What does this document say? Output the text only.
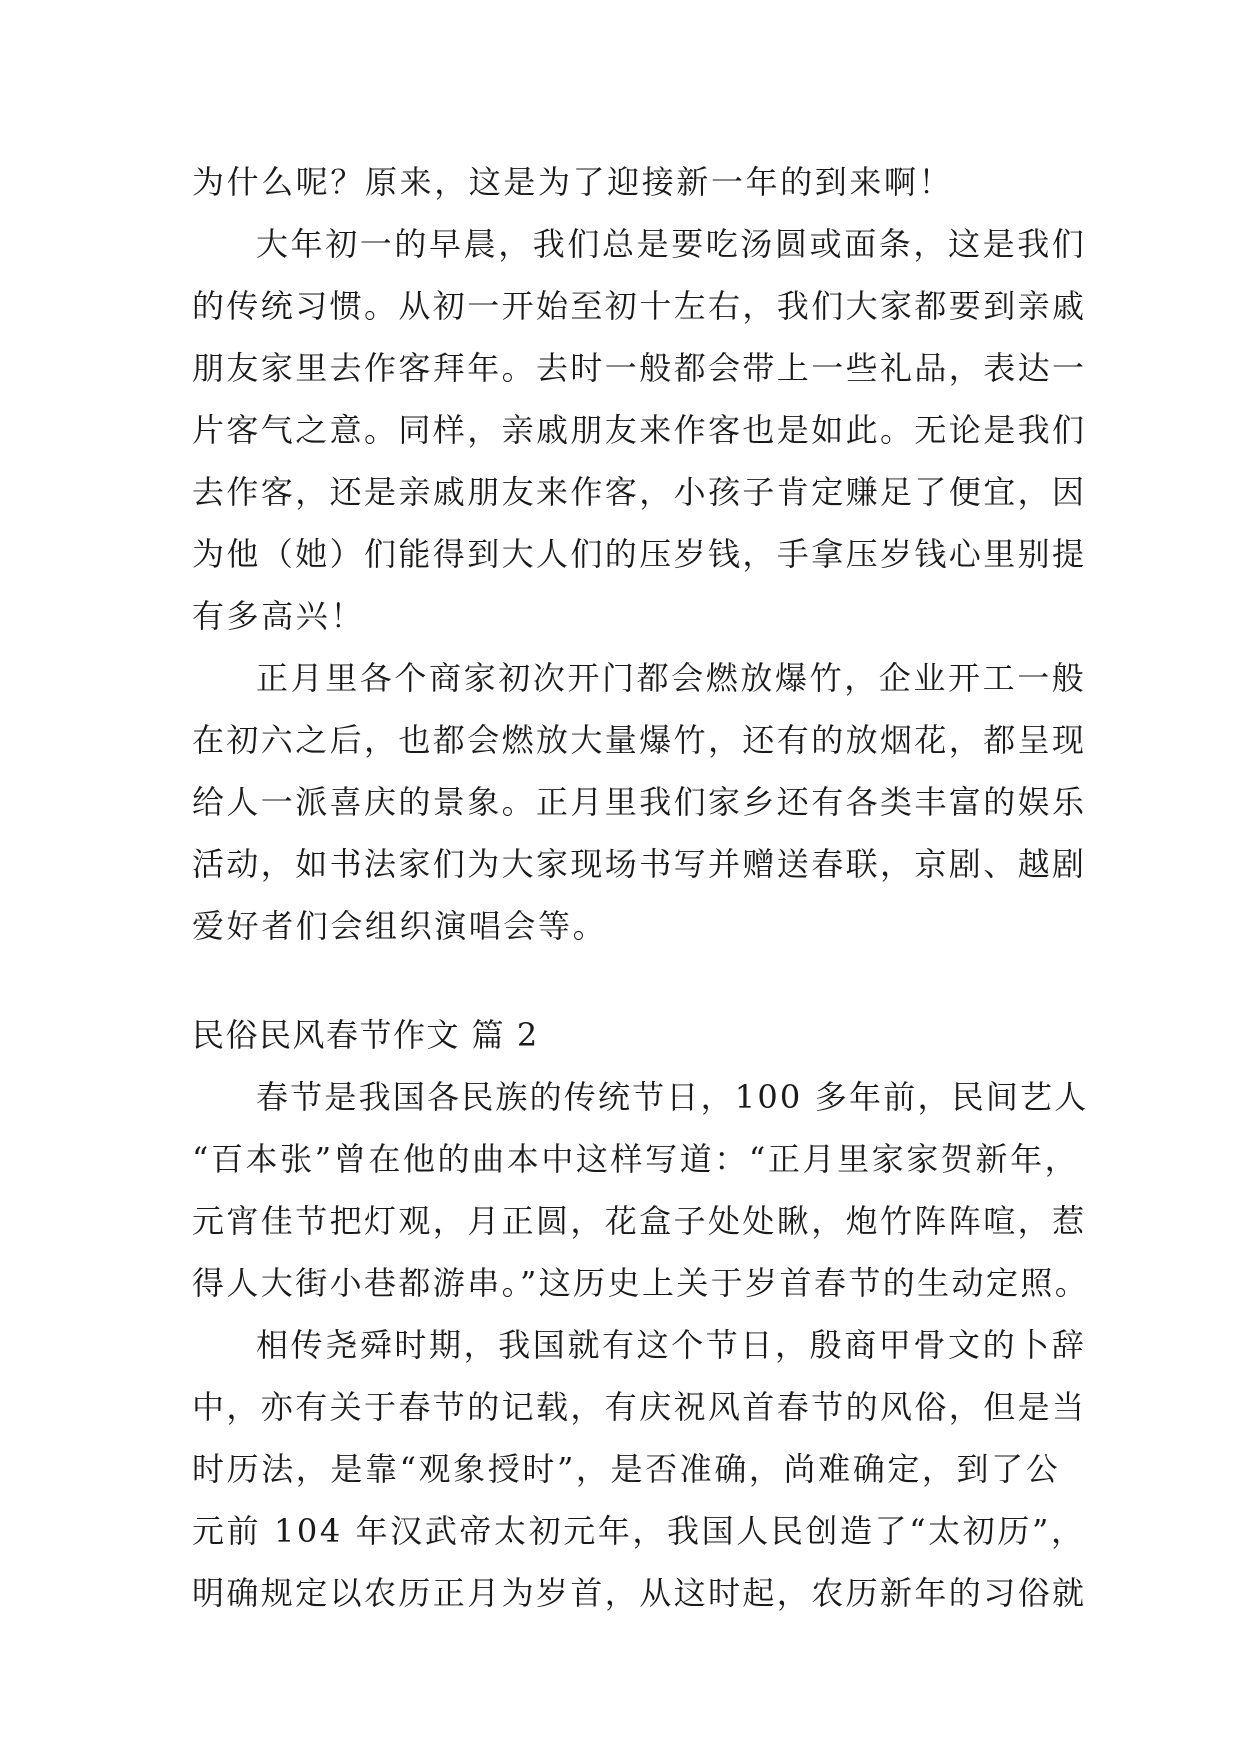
为什么呢？原来，这是为了迎接新一年的到来啊！
大年初一的早晨，我们总是要吃汤圆或面条，这是我们
的传统习惯。从初一开始至初十左右，我们大家都要到亲戚
朋友家里去作客拜年。去时一般都会带上一些礼品，表达一
片客气之意。同样，亲戚朋友来作客也是如此。无论是我们
去作客，还是亲戚朋友来作客，小孩子肯定赚足了便宜，因
为他（她）们能得到大人们的压岁钱，手拿压岁钱心里别提
有多高兴！
正月里各个商家初次开门都会燃放爆竹，企业开工一般
在初六之后，也都会燃放大量爆竹，还有的放烟花，都呈现
给人一派喜庆的景象。正月里我们家乡还有各类丰富的娱乐
活动，如书法家们为大家现场书写并赠送春联，京剧、越剧
爱好者们会组织演唱会等。
民俗民风春节作文 篇 2
春节是我国各民族的传统节日，100 多年前，民间艺人
“百本张”曾在他的曲本中这样写道：“正月里家家贺新年，
元宵佳节把灯观，月正圆，花盒子处处瞅，炮竹阵阵喧，惹
得人大街小巷都游串。”这历史上关于岁首春节的生动定照。
相传尧舜时期，我国就有这个节日，殷商甲骨文的卜辞
中，亦有关于春节的记载，有庆祝风首春节的风俗，但是当
时历法，是靠“观象授时”，是否准确，尚难确定，到了公
元前 104 年汉武帝太初元年，我国人民创造了“太初历”，
明确规定以农历正月为岁首，从这时起，农历新年的习俗就
